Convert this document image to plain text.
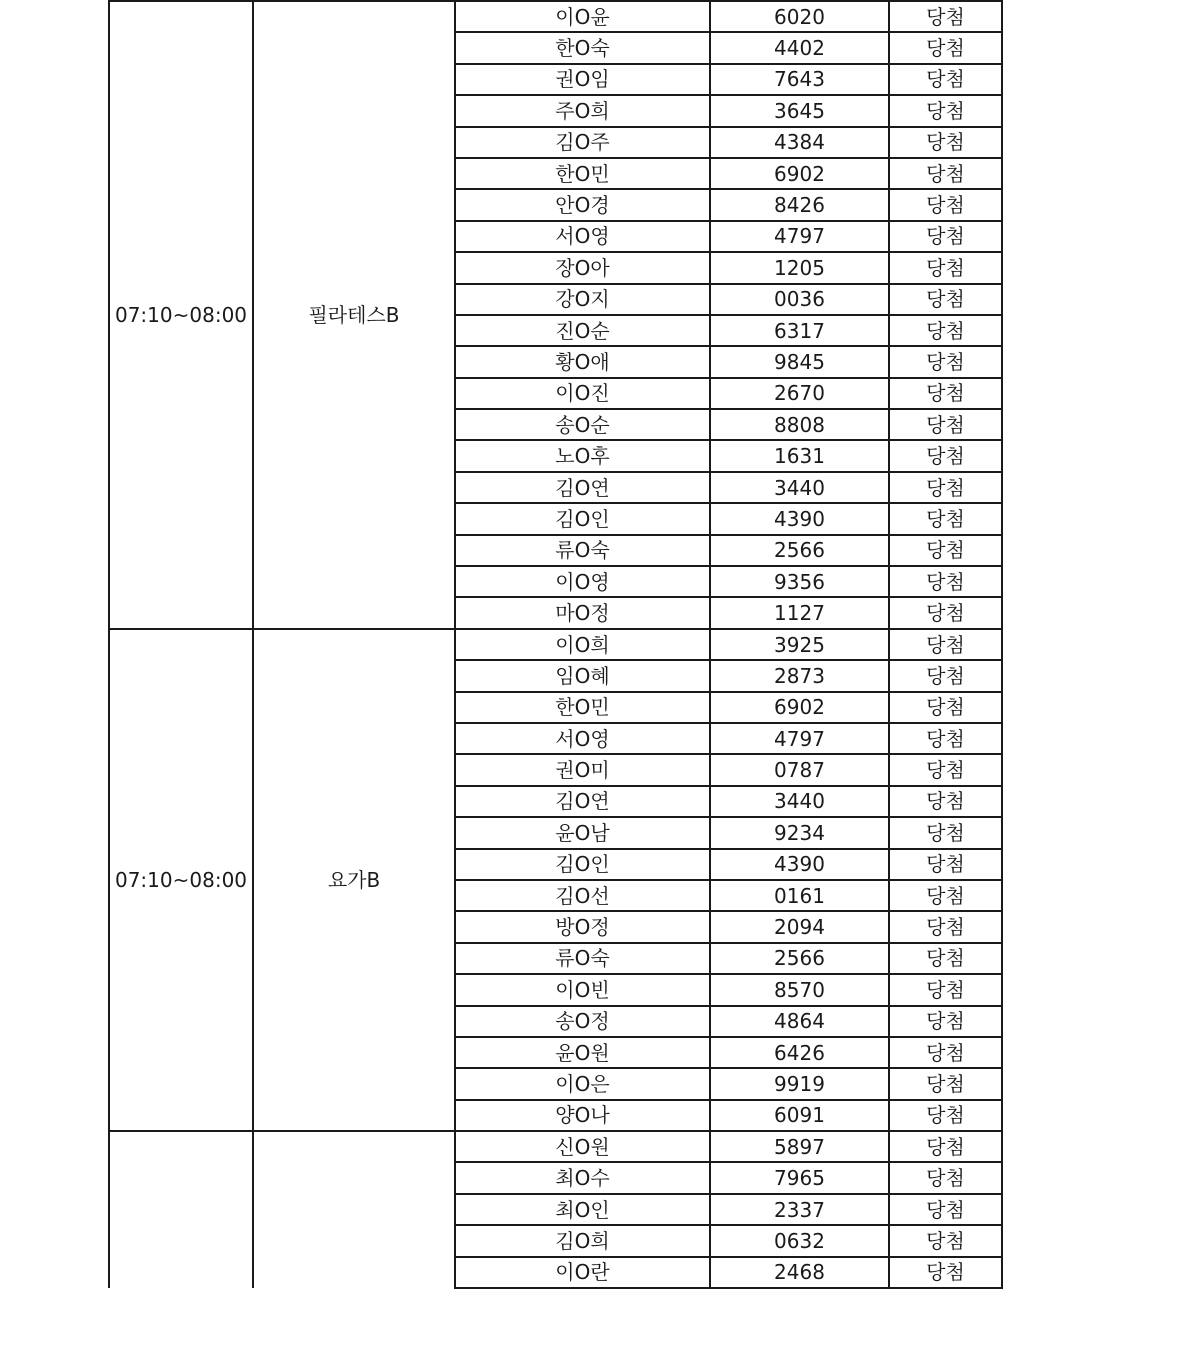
07:10~08:00	필라테스B	이O윤	6020	당첨
		한O숙	4402	당첨
		권O임	7643	당첨
		주O희	3645	당첨
		김O주	4384	당첨
		한O민	6902	당첨
		안O경	8426	당첨
		서O영	4797	당첨
		장O아	1205	당첨
		강O지	0036	당첨
		진O순	6317	당첨
		황O애	9845	당첨
		이O진	2670	당첨
		송O순	8808	당첨
		노O후	1631	당첨
		김O연	3440	당첨
		김O인	4390	당첨
		류O숙	2566	당첨
		이O영	9356	당첨
		마O정	1127	당첨
07:10~08:00	요가B	이O희	3925	당첨
		임O혜	2873	당첨
		한O민	6902	당첨
		서O영	4797	당첨
		권O미	0787	당첨
		김O연	3440	당첨
		윤O남	9234	당첨
		김O인	4390	당첨
		김O선	0161	당첨
		방O정	2094	당첨
		류O숙	2566	당첨
		이O빈	8570	당첨
		송O정	4864	당첨
		윤O원	6426	당첨
		이O은	9919	당첨
		양O나	6091	당첨
		신O원	5897	당첨
		최O수	7965	당첨
		최O인	2337	당첨
		김O희	0632	당첨
		이O란	2468	당첨
